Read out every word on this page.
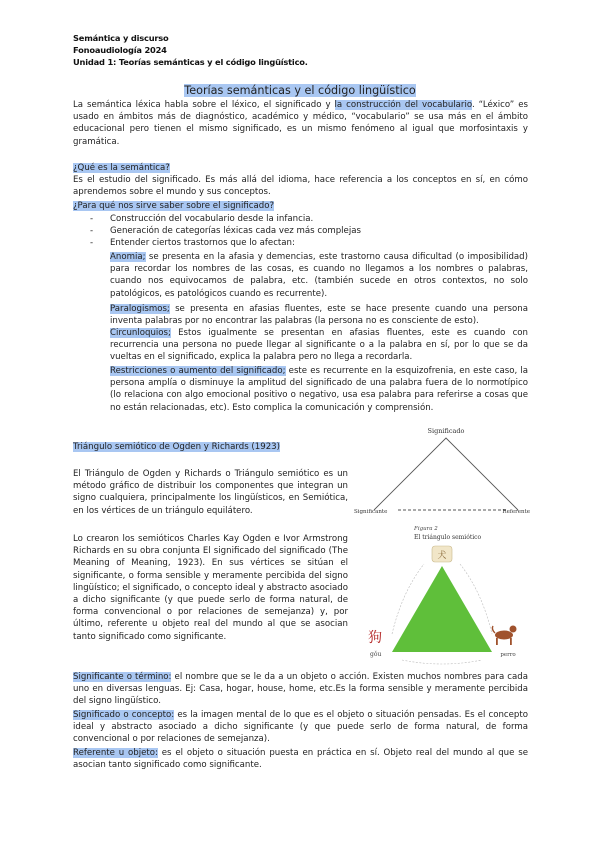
Semántica y discurso
Fonoaudiología 2024
Unidad 1: Teorías semánticas y el código lingüístico.
Teorías semánticas y el código lingüístico

La semántica léxica habla sobre el léxico, el significado y la construcción del vocabulario. “Léxico” es usado en ámbitos más de diagnóstico, académico y médico, “vocabulario” se usa más en el ámbito educacional pero tienen el mismo significado, es un mismo fenómeno al igual que morfosintaxis y gramática.

¿Qué es la semántica?

Es el estudio del significado. Es más allá del idioma, hace referencia a los conceptos en sí, en cómo aprendemos sobre el mundo y sus conceptos.

¿Para qué nos sirve saber sobre el significado?
- Construcción del vocabulario desde la infancia.
- Generación de categorías léxicas cada vez más complejas
- Entender ciertos trastornos que lo afectan:

Anomia; se presenta en la afasia y demencias, este trastorno causa dificultad (o imposibilidad) para recordar los nombres de las cosas, es cuando no llegamos a los nombres o palabras, cuando nos equivocamos de palabra, etc. (también sucede en otros contextos, no solo patológicos, es patológicos cuando es recurrente).

Paralogismos; se presenta en afasias fluentes, este se hace presente cuando una persona inventa palabras por no encontrar las palabras (la persona no es consciente de esto).

Circunloquios; Estos igualmente se presentan en afasias fluentes, este es cuando con recurrencia una persona no puede llegar al significante o a la palabra en sí, por lo que se da vueltas en el significado, explica la palabra pero no llega a recordarla.

Restricciones o aumento del significado; este es recurrente en la esquizofrenia, en este caso, la persona amplía o disminuye la amplitud del significado de una palabra fuera de lo normotípico (lo relaciona con algo emocional positivo o negativo, usa esa palabra para referirse a cosas que no están relacionadas, etc). Esto complica la comunicación y comprensión.

Triángulo semiótico de Ogden y Richards (1923)

El Triángulo de Ogden y Richards o Triángulo semiótico es un método gráfico de distribuir los componentes que integran un signo cualquiera, principalmente los lingüísticos, en Semiótica, en los vértices de un triángulo equilátero.

Lo crearon los semióticos Charles Kay Ogden e Ivor Armstrong Richards en su obra conjunta El significado del significado (The Meaning of Meaning, 1923). En sus vértices se sitúan el significante, o forma sensible y meramente percibida del signo lingüístico; el significado, o concepto ideal y abstracto asociado a dicho significante (y que puede serlo de forma natural, de forma convencional o por relaciones de semejanza) y, por último, referente u objeto real del mundo al que se asocian tanto significado como significante.

Significado
Significante	Referente
Figura 2
El triángulo semiótico
犬
狗
gǒu	perro

Significante o término: el nombre que se le da a un objeto o acción. Existen muchos nombres para cada uno en diversas lenguas. Ej: Casa, hogar, house, home, etc.Es la forma sensible y meramente percibida del signo lingüístico.

Significado o concepto: es la imagen mental de lo que es el objeto o situación pensadas. Es el concepto ideal y abstracto asociado a dicho significante (y que puede serlo de forma natural, de forma convencional o por relaciones de semejanza).

Referente u objeto: es el objeto o situación puesta en práctica en sí. Objeto real del mundo al que se asocian tanto significado como significante.
